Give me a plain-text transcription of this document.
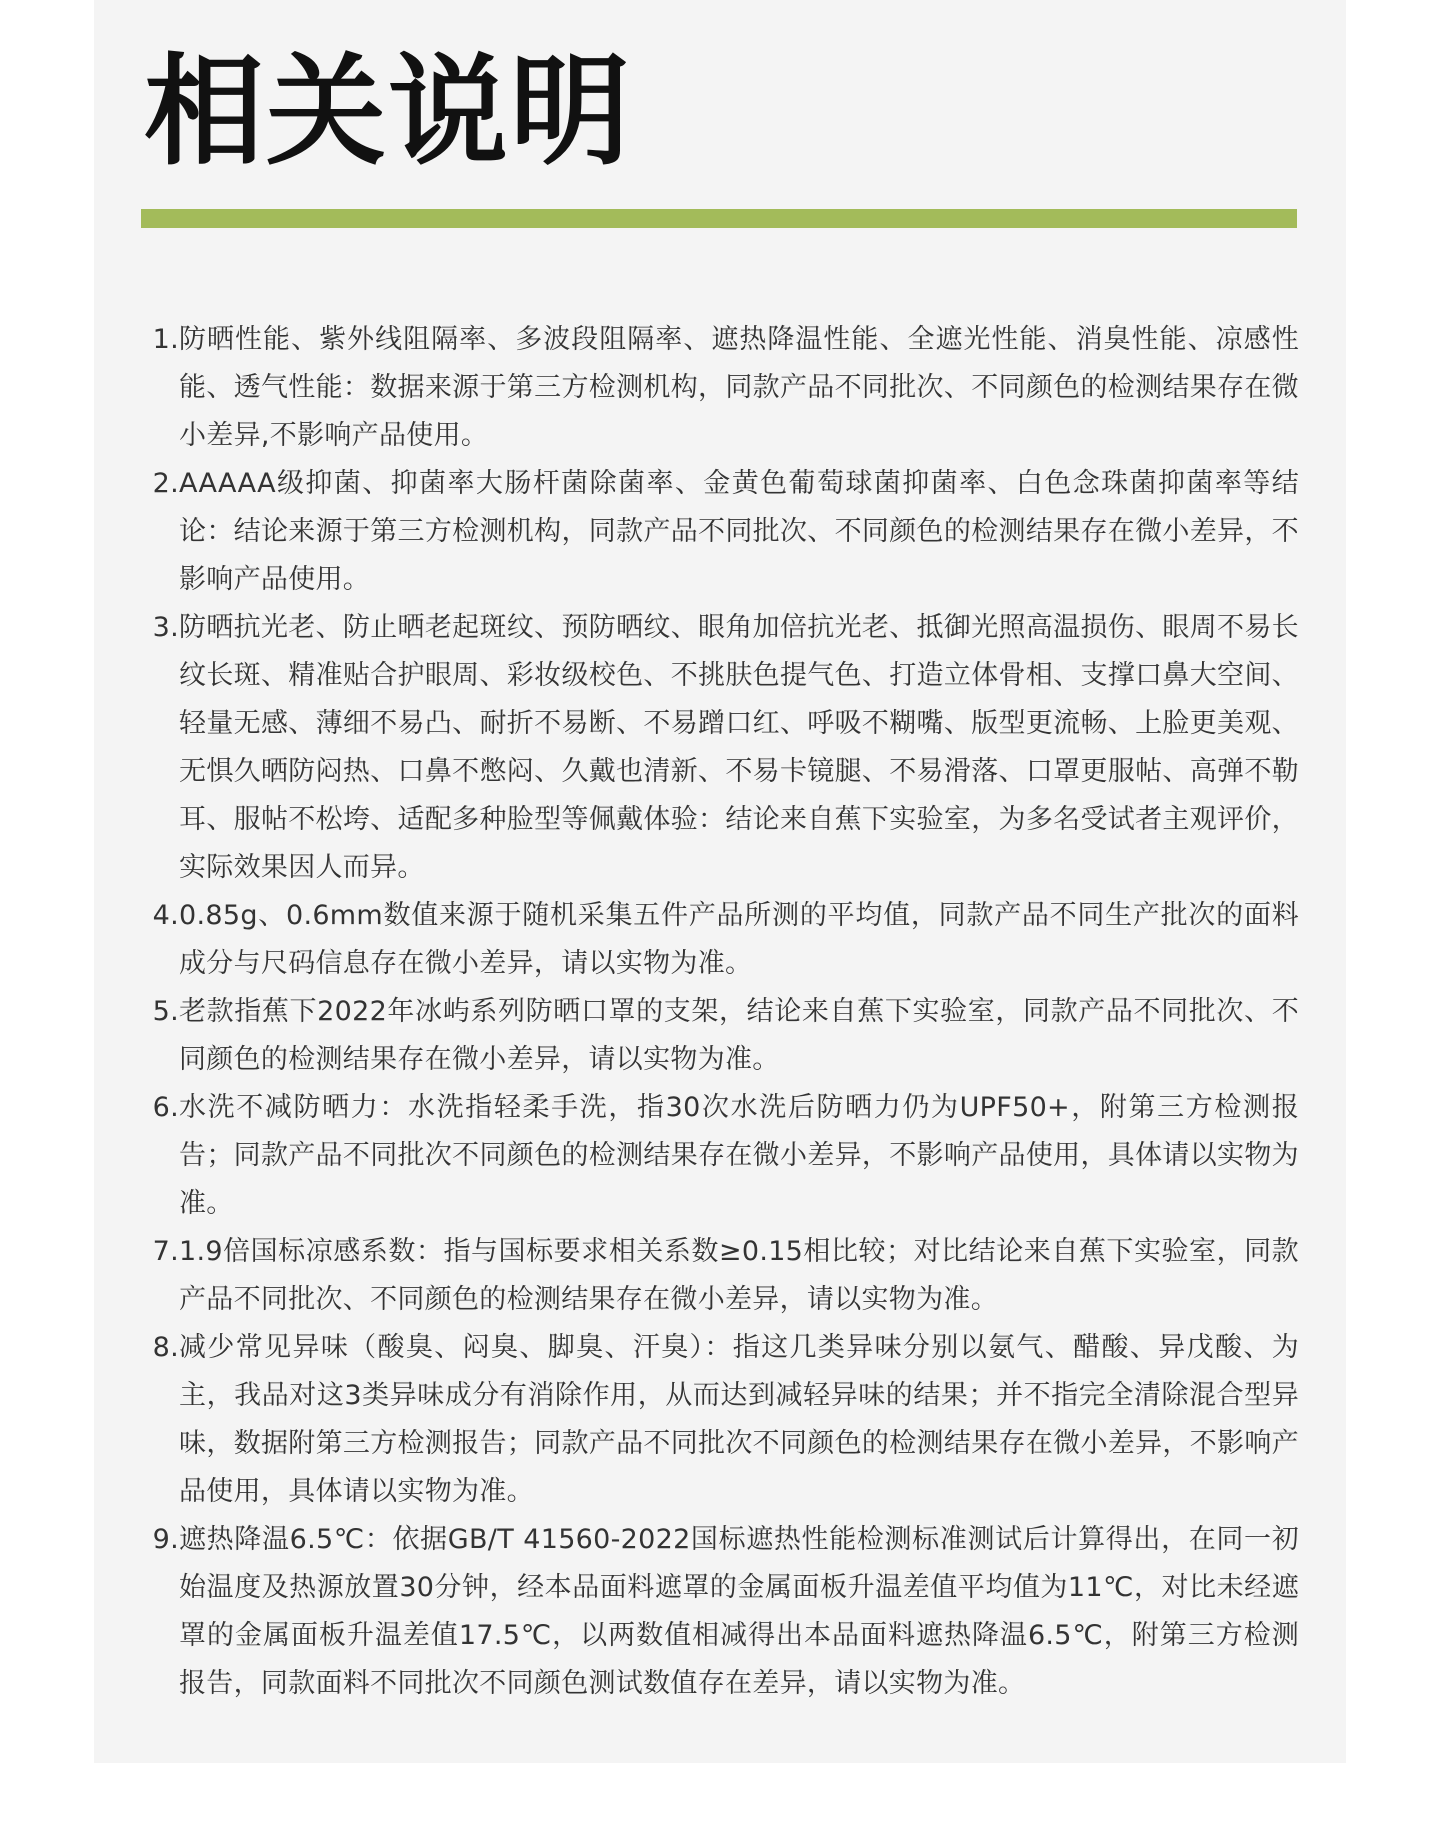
相关说明
1. 防晒性能、紫外线阻隔率、多波段阻隔率、遮热降温性能、全遮光性能、消臭性能、凉感性能、透气性能：数据来源于第三方检测机构，同款产品不同批次、不同颜色的检测结果存在微小差异,不影响产品使用。
2. AAAAA级抑菌、抑菌率大肠杆菌除菌率、金黄色葡萄球菌抑菌率、白色念珠菌抑菌率等结论：结论来源于第三方检测机构，同款产品不同批次、不同颜色的检测结果存在微小差异，不影响产品使用。
3. 防晒抗光老、防止晒老起斑纹、预防晒纹、眼角加倍抗光老、抵御光照高温损伤、眼周不易长纹长斑、精准贴合护眼周、彩妆级校色、不挑肤色提气色、打造立体骨相、支撑口鼻大空间、轻量无感、薄细不易凸、耐折不易断、不易蹭口红、呼吸不糊嘴、版型更流畅、上脸更美观、无惧久晒防闷热、口鼻不憋闷、久戴也清新、不易卡镜腿、不易滑落、口罩更服帖、高弹不勒耳、服帖不松垮、适配多种脸型等佩戴体验：结论来自蕉下实验室，为多名受试者主观评价，实际效果因人而异。
4. 0.85g、0.6mm数值来源于随机采集五件产品所测的平均值，同款产品不同生产批次的面料成分与尺码信息存在微小差异，请以实物为准。
5. 老款指蕉下2022年冰屿系列防晒口罩的支架，结论来自蕉下实验室，同款产品不同批次、不同颜色的检测结果存在微小差异，请以实物为准。
6. 水洗不减防晒力：水洗指轻柔手洗，指30次水洗后防晒力仍为UPF50+，附第三方检测报告；同款产品不同批次不同颜色的检测结果存在微小差异，不影响产品使用，具体请以实物为准。
7. 1.9倍国标凉感系数：指与国标要求相关系数≥0.15相比较；对比结论来自蕉下实验室，同款产品不同批次、不同颜色的检测结果存在微小差异，请以实物为准。
8. 减少常见异味（酸臭、闷臭、脚臭、汗臭）：指这几类异味分别以氨气、醋酸、异戊酸、为主，我品对这3类异味成分有消除作用，从而达到减轻异味的结果；并不指完全清除混合型异味，数据附第三方检测报告；同款产品不同批次不同颜色的检测结果存在微小差异，不影响产品使用，具体请以实物为准。
9. 遮热降温6.5℃：依据GB/T 41560-2022国标遮热性能检测标准测试后计算得出，在同一初始温度及热源放置30分钟，经本品面料遮罩的金属面板升温差值平均值为11℃，对比未经遮罩的金属面板升温差值17.5℃，以两数值相减得出本品面料遮热降温6.5℃，附第三方检测报告，同款面料不同批次不同颜色测试数值存在差异，请以实物为准。
